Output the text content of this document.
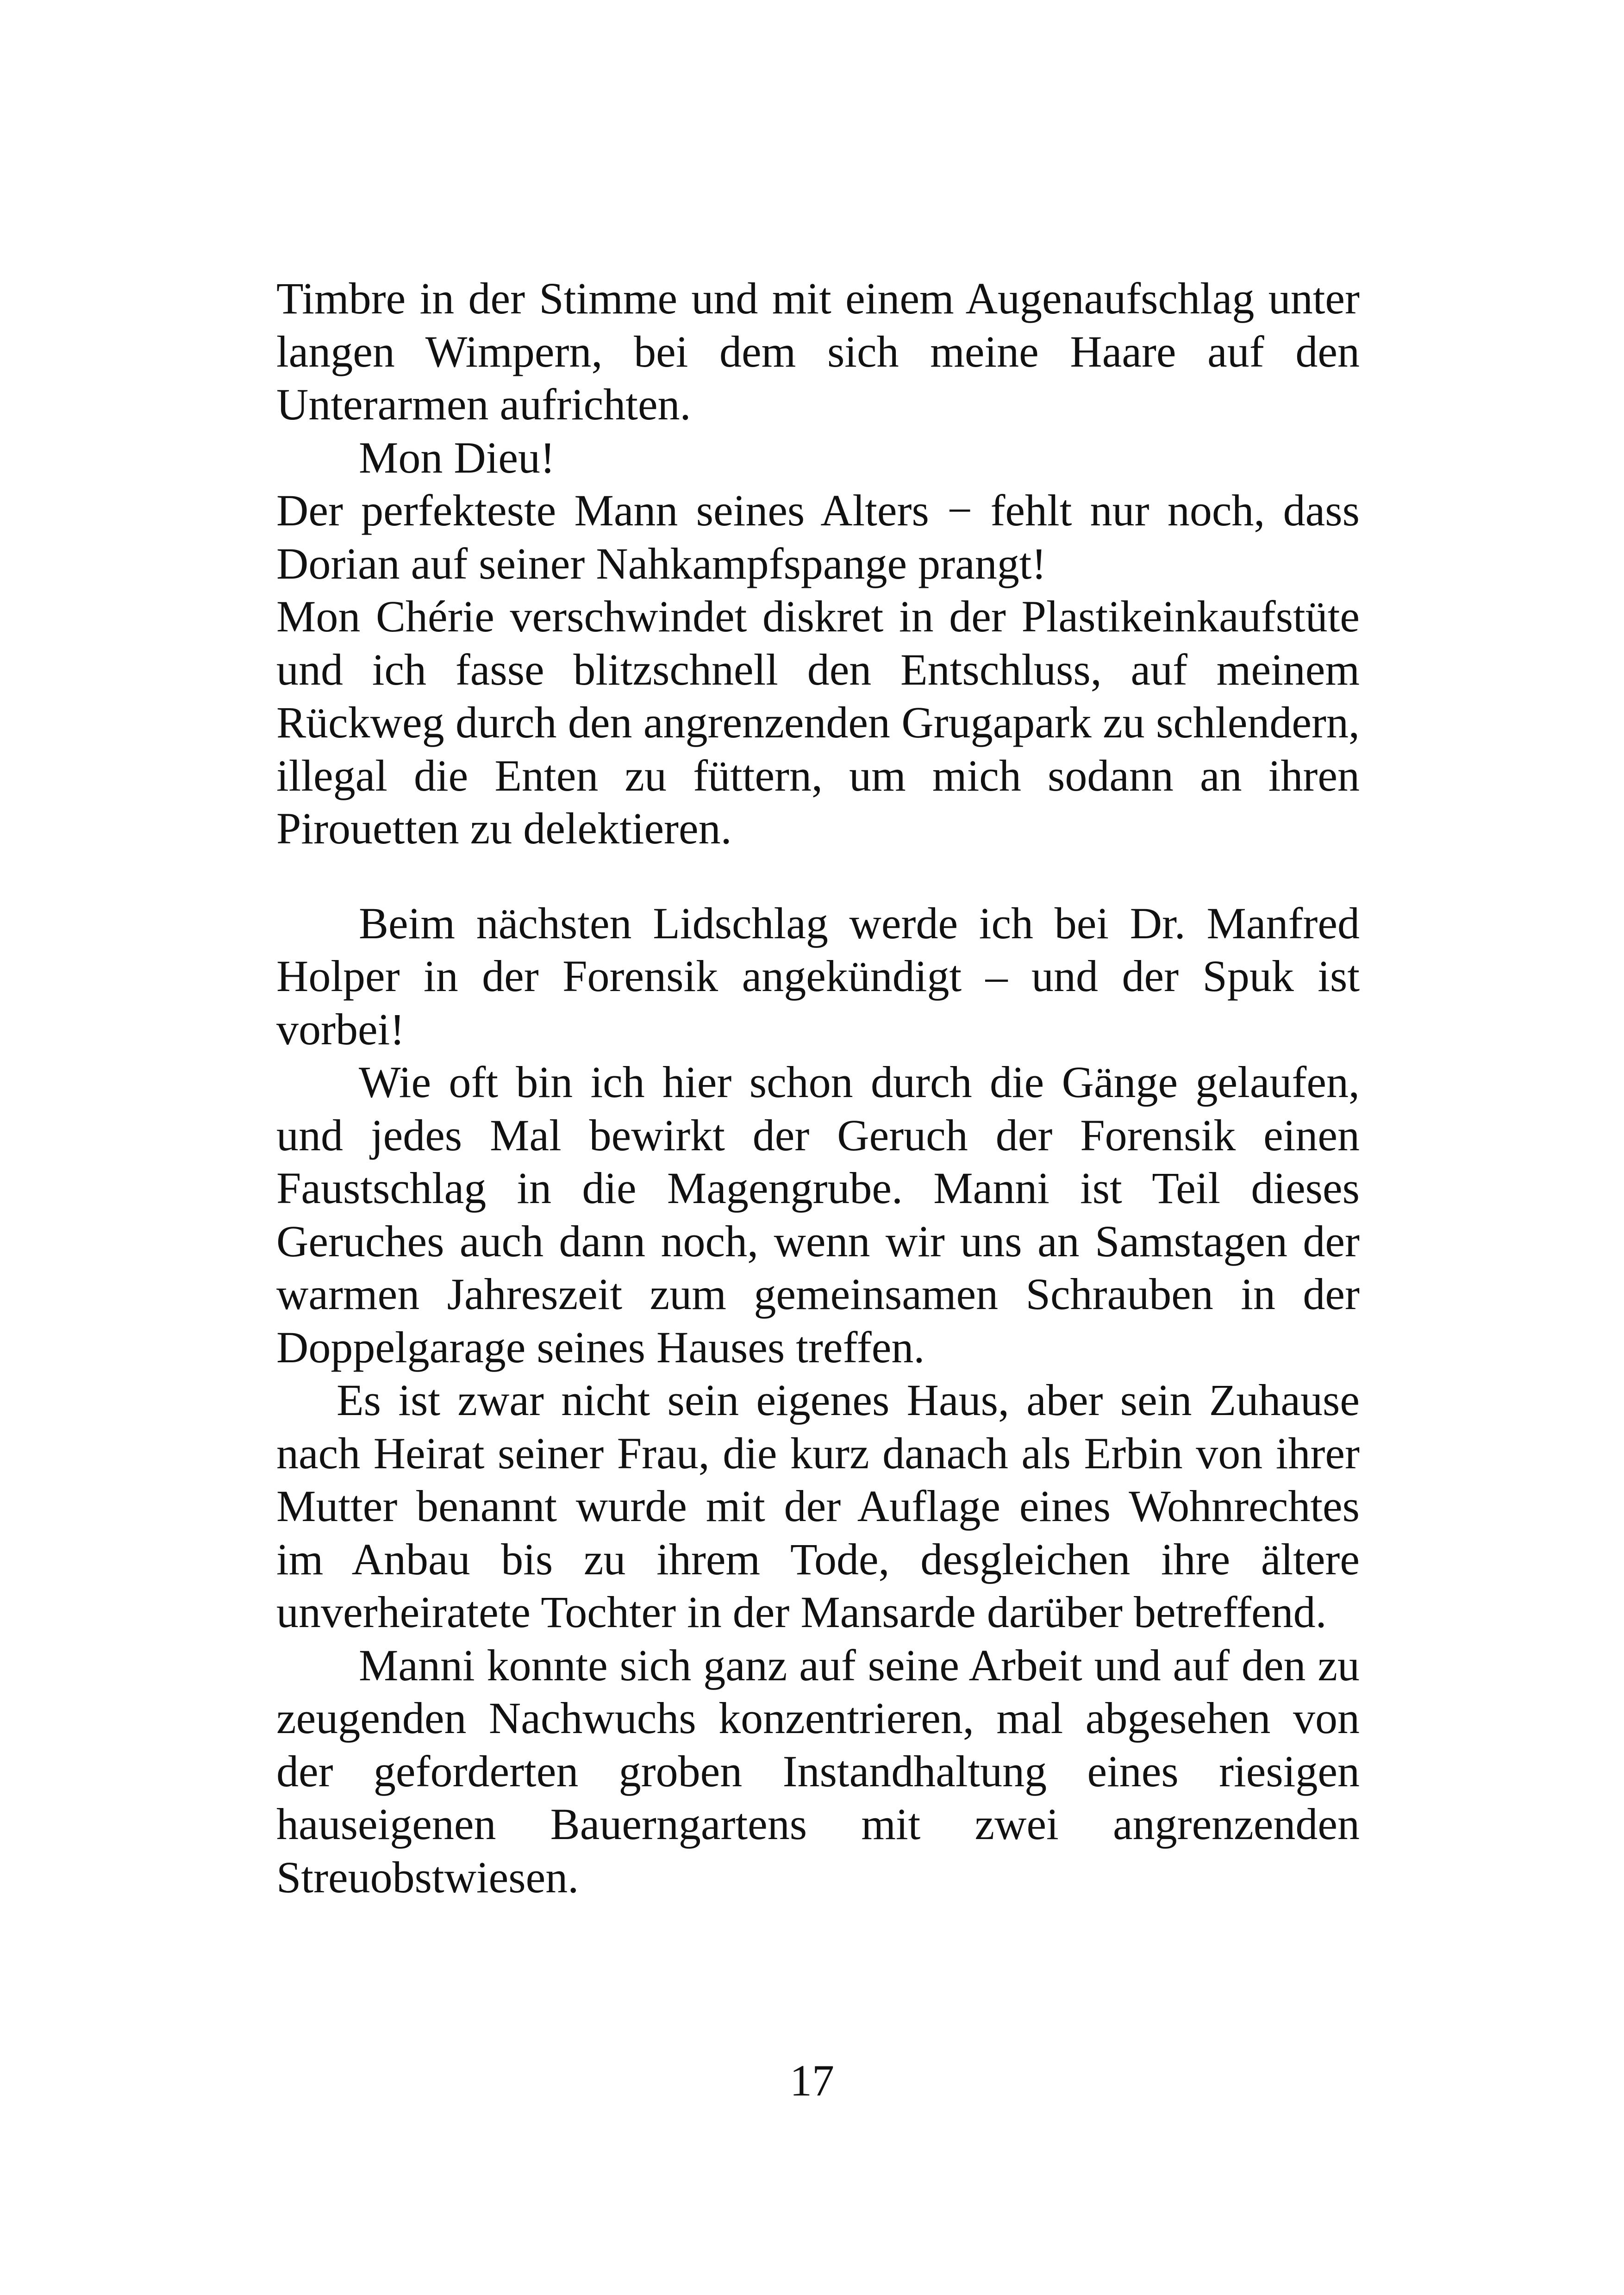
Timbre in der Stimme und mit einem Augenaufschlag unter langen Wimpern, bei dem sich meine Haare auf den Unterarmen aufrichten.

Mon Dieu!

Der perfekteste Mann seines Alters − fehlt nur noch, dass Dorian auf seiner Nahkampfspange prangt!

Mon Chérie verschwindet diskret in der Plastikeinkaufstüte und ich fasse blitzschnell den Entschluss, auf meinem Rückweg durch den angrenzenden Grugapark zu schlendern, illegal die Enten zu füttern, um mich sodann an ihren Pirouetten zu delektieren.

Beim nächsten Lidschlag werde ich bei Dr. Manfred Holper in der Forensik angekündigt – und der Spuk ist vorbei!

Wie oft bin ich hier schon durch die Gänge gelaufen, und jedes Mal bewirkt der Geruch der Forensik einen Faustschlag in die Magengrube. Manni ist Teil dieses Geruches auch dann noch, wenn wir uns an Samstagen der warmen Jahreszeit zum gemeinsamen Schrauben in der Doppelgarage seines Hauses treffen.

Es ist zwar nicht sein eigenes Haus, aber sein Zuhause nach Heirat seiner Frau, die kurz danach als Erbin von ihrer Mutter benannt wurde mit der Auflage eines Wohnrechtes im Anbau bis zu ihrem Tode, desgleichen ihre ältere unverheiratete Tochter in der Mansarde darüber betreffend.

Manni konnte sich ganz auf seine Arbeit und auf den zu zeugenden Nachwuchs konzentrieren, mal abgesehen von der geforderten groben Instandhaltung eines riesigen hauseigenen Bauerngartens mit zwei angrenzenden Streuobstwiesen.

17
